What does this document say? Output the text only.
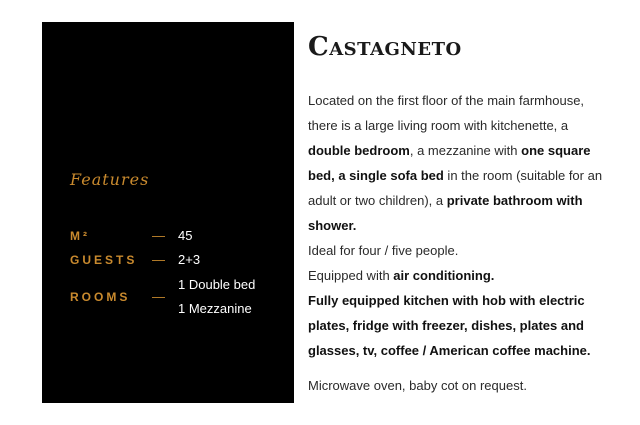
Features
M²	— 45
GUESTS — 2+3
ROOMS —
1 Double bed
1 Mezzanine
Castagneto
Located on the first floor of the main farmhouse, there is a large living room with kitchenette, a double bedroom, a mezzanine with one square bed, a single sofa bed in the room (suitable for an adult or two children), a private bathroom with shower.
Ideal for four / five people.
Equipped with air conditioning.
Fully equipped kitchen with hob with electric plates, fridge with freezer, dishes, plates and glasses, tv, coffee / American coffee machine.
Microwave oven, baby cot on request.
